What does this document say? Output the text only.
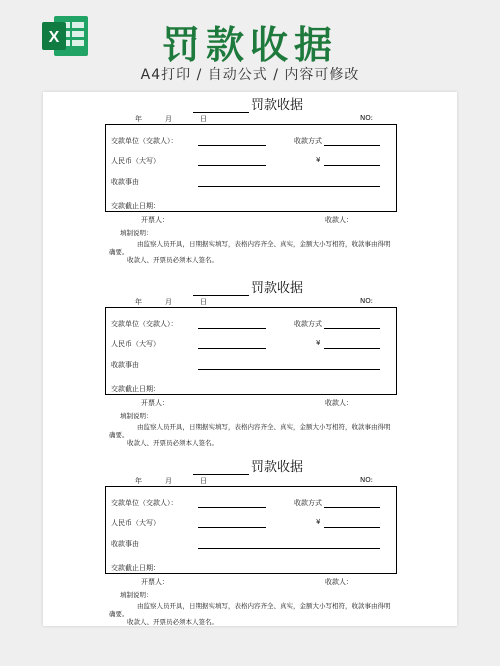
X	罚款收据
A4打印 / 自动公式 / 内容可修改
罚款收据
年	月	日	NO:
交款单位（交款人）：	收款方式
人民币（大写）	¥
收款事由
交款截止日期：
开票人：	收款人：
填制说明：
由监察人员开具，日期据实填写，表格内容齐全、真实，金额大小写相符，收款事由得明
确要。
收款人、开票员必须本人签名。
罚款收据
年	月	日	NO:
交款单位（交款人）：	收款方式
人民币（大写）	¥
收款事由
交款截止日期：
开票人：	收款人：
填制说明：
由监察人员开具，日期据实填写，表格内容齐全、真实，金额大小写相符，收款事由得明
确要。
收款人、开票员必须本人签名。
罚款收据
年	月	日	NO:
交款单位（交款人）：	收款方式
人民币（大写）	¥
收款事由
交款截止日期：
开票人：	收款人：
填制说明：
由监察人员开具，日期据实填写，表格内容齐全、真实，金额大小写相符，收款事由得明
确要。
收款人、开票员必须本人签名。
